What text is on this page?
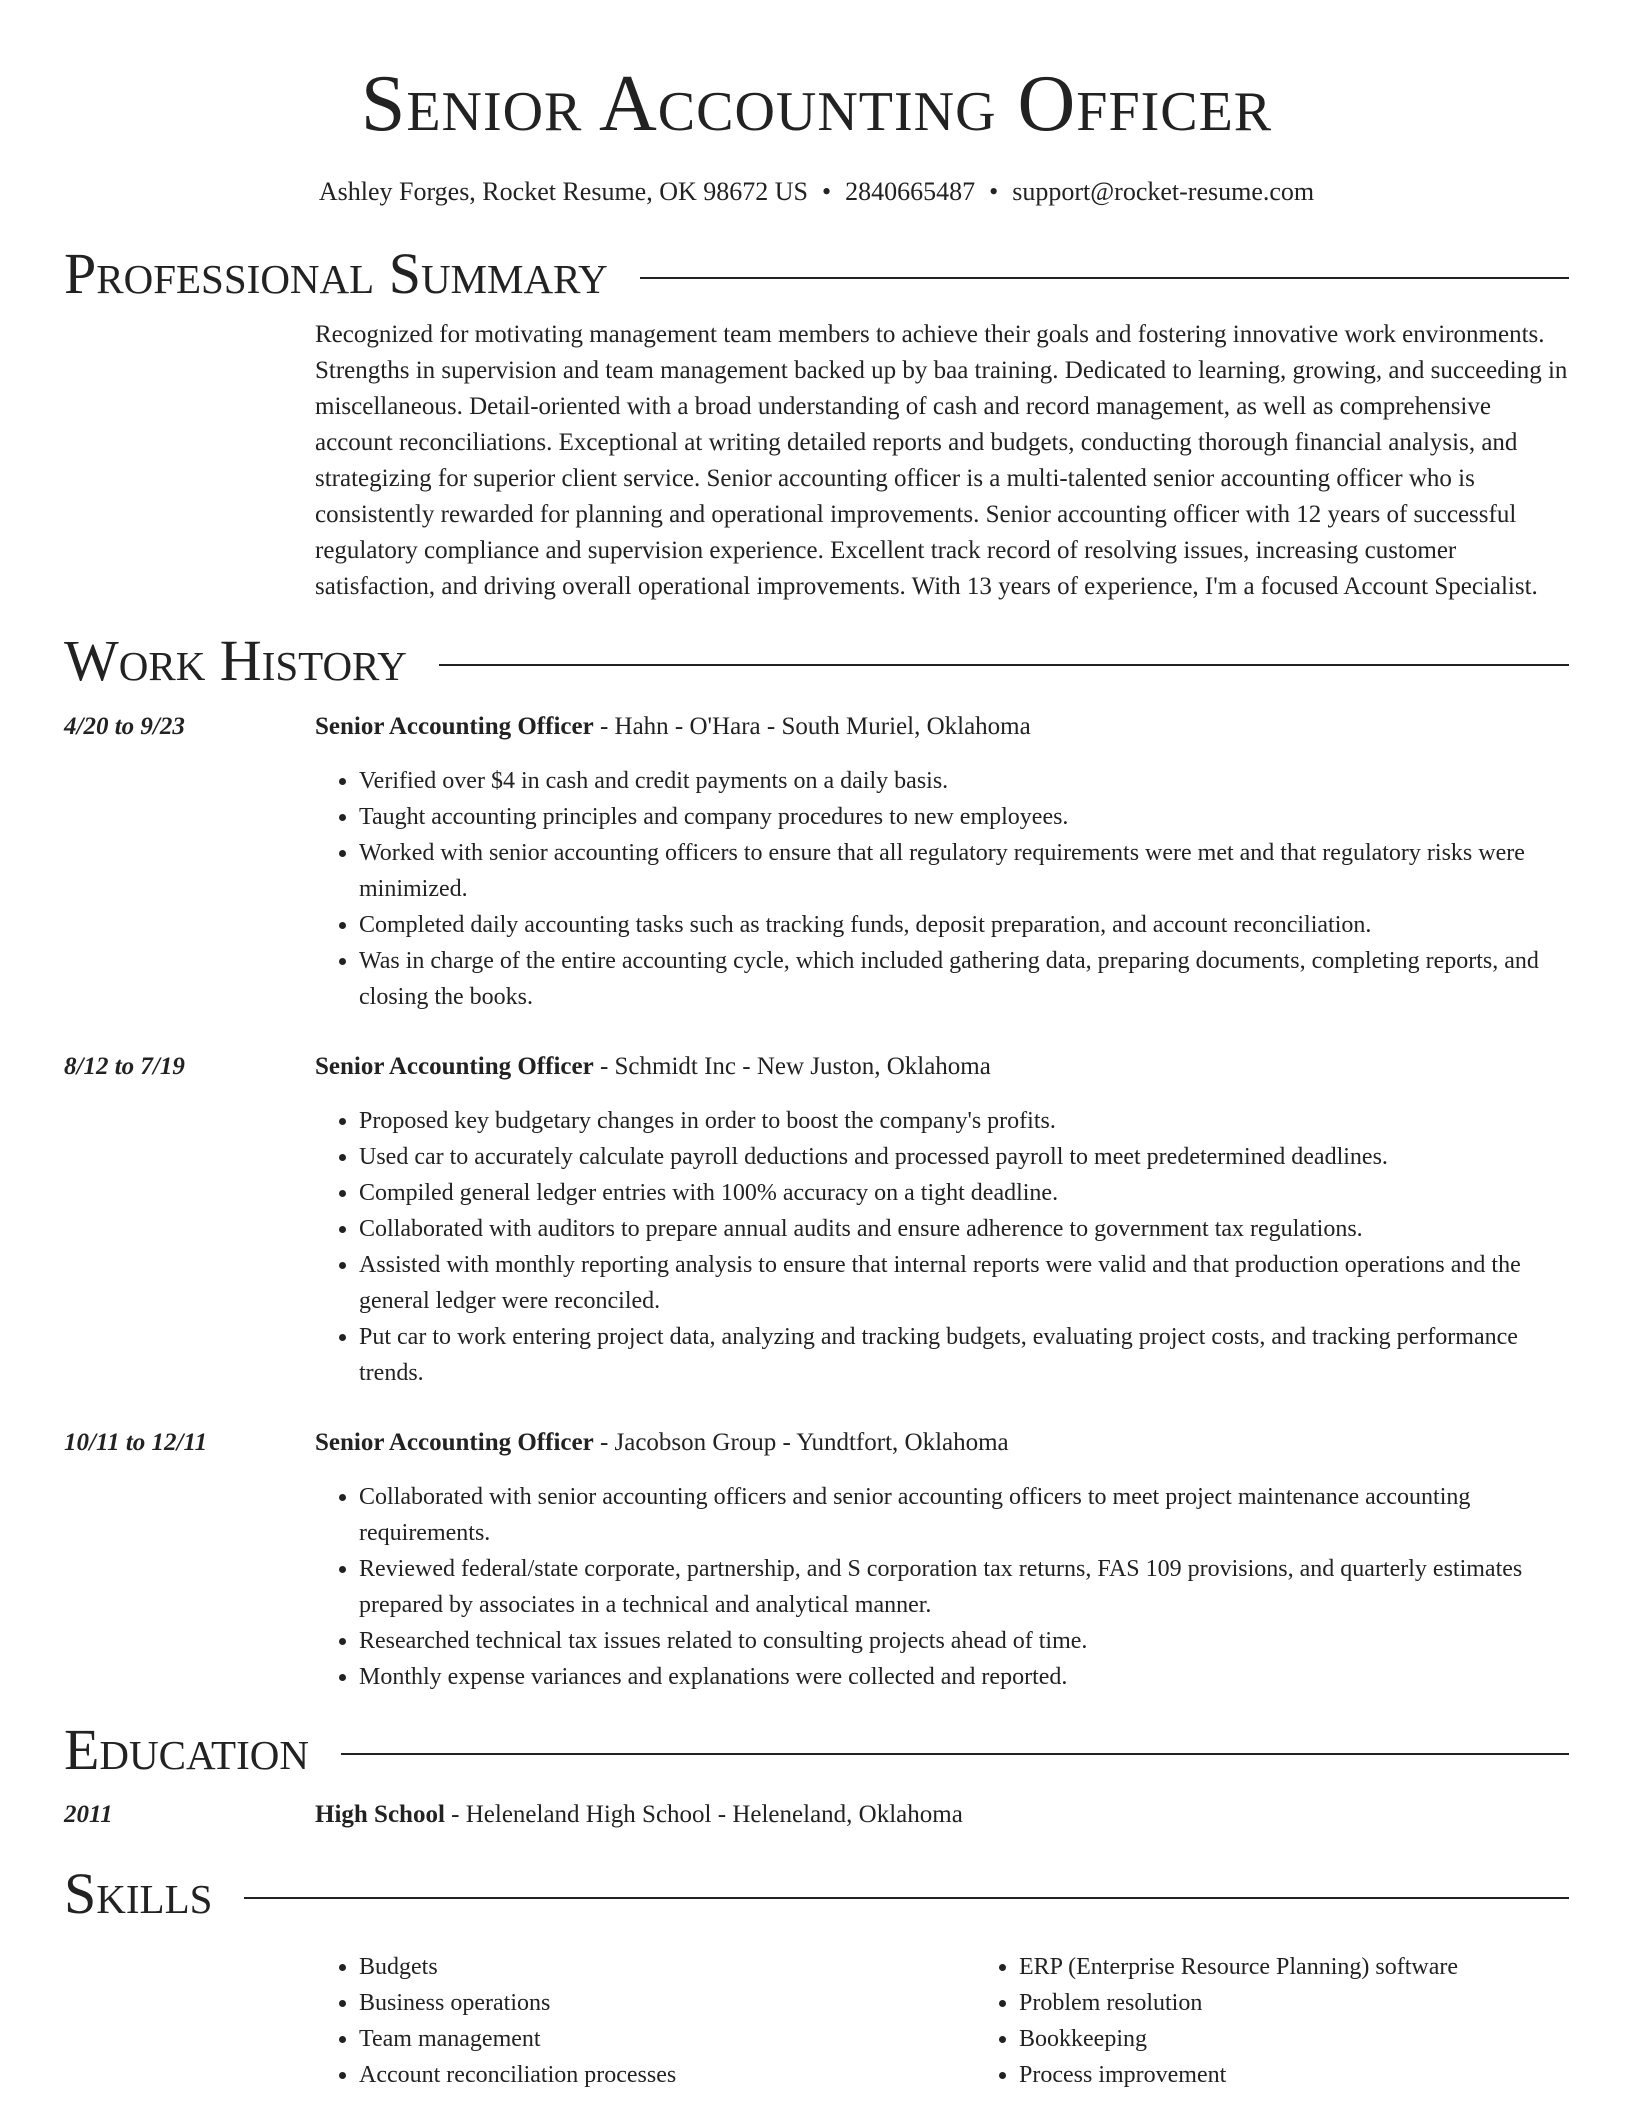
Senior Accounting Officer
Ashley Forges, Rocket Resume, OK 98672 US • 2840665487 • support@rocket-resume.com
Professional Summary
Recognized for motivating management team members to achieve their goals and fostering innovative work environments. Strengths in supervision and team management backed up by baa training. Dedicated to learning, growing, and succeeding in miscellaneous. Detail-oriented with a broad understanding of cash and record management, as well as comprehensive account reconciliations. Exceptional at writing detailed reports and budgets, conducting thorough financial analysis, and strategizing for superior client service. Senior accounting officer is a multi-talented senior accounting officer who is consistently rewarded for planning and operational improvements. Senior accounting officer with 12 years of successful regulatory compliance and supervision experience. Excellent track record of resolving issues, increasing customer satisfaction, and driving overall operational improvements. With 13 years of experience, I'm a focused Account Specialist.
Work History
4/20 to 9/23	Senior Accounting Officer - Hahn - O'Hara - South Muriel, Oklahoma
• Verified over $4 in cash and credit payments on a daily basis.
• Taught accounting principles and company procedures to new employees.
• Worked with senior accounting officers to ensure that all regulatory requirements were met and that regulatory risks were minimized.
• Completed daily accounting tasks such as tracking funds, deposit preparation, and account reconciliation.
• Was in charge of the entire accounting cycle, which included gathering data, preparing documents, completing reports, and closing the books.
8/12 to 7/19	Senior Accounting Officer - Schmidt Inc - New Juston, Oklahoma
• Proposed key budgetary changes in order to boost the company's profits.
• Used car to accurately calculate payroll deductions and processed payroll to meet predetermined deadlines.
• Compiled general ledger entries with 100% accuracy on a tight deadline.
• Collaborated with auditors to prepare annual audits and ensure adherence to government tax regulations.
• Assisted with monthly reporting analysis to ensure that internal reports were valid and that production operations and the general ledger were reconciled.
• Put car to work entering project data, analyzing and tracking budgets, evaluating project costs, and tracking performance trends.
10/11 to 12/11	Senior Accounting Officer - Jacobson Group - Yundtfort, Oklahoma
• Collaborated with senior accounting officers and senior accounting officers to meet project maintenance accounting requirements.
• Reviewed federal/state corporate, partnership, and S corporation tax returns, FAS 109 provisions, and quarterly estimates prepared by associates in a technical and analytical manner.
• Researched technical tax issues related to consulting projects ahead of time.
• Monthly expense variances and explanations were collected and reported.
Education
2011	High School - Heleneland High School - Heleneland, Oklahoma
Skills
• Budgets
• Business operations
• Team management
• Account reconciliation processes
• ERP (Enterprise Resource Planning) software
• Problem resolution
• Bookkeeping
• Process improvement
